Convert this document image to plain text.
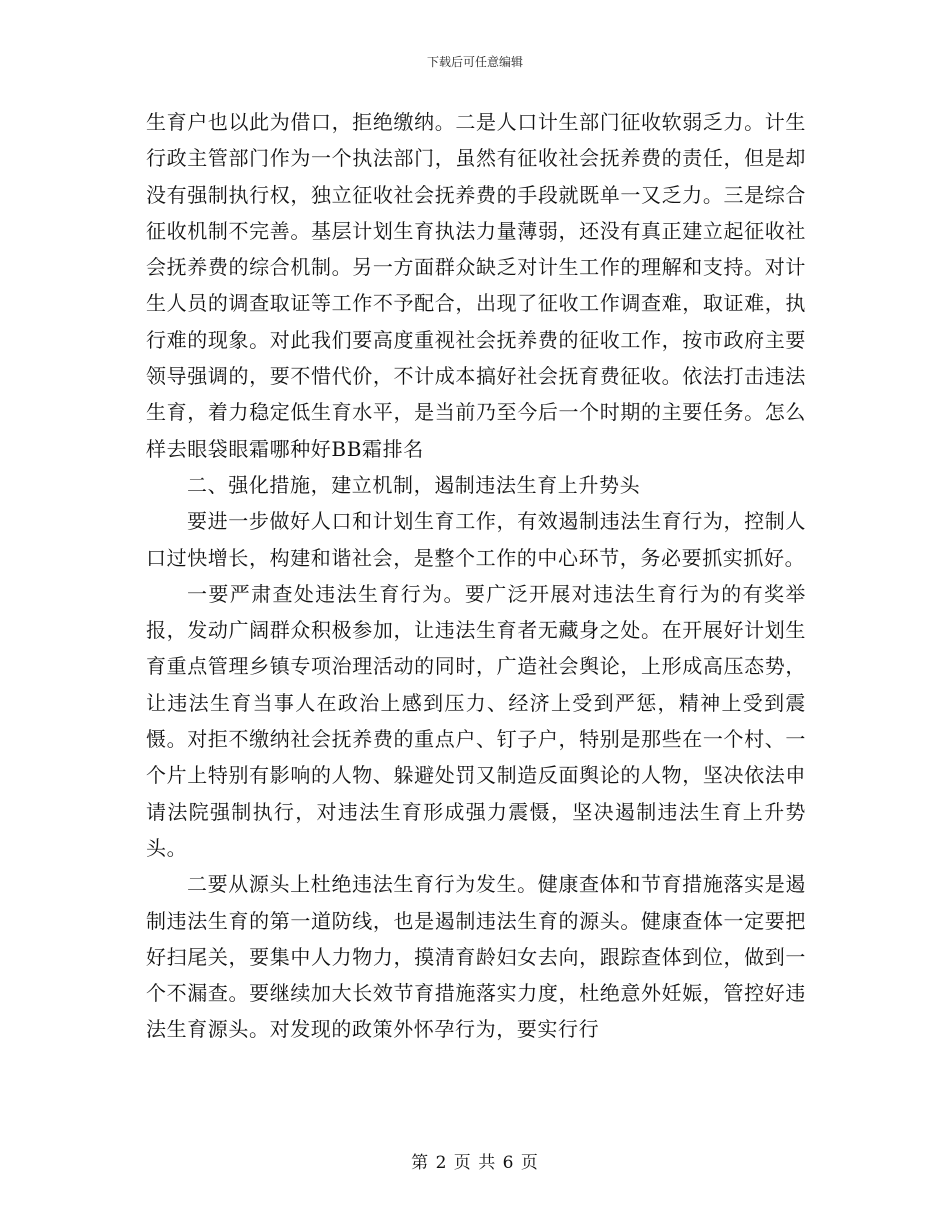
下载后可任意编辑

生育户也以此为借口，拒绝缴纳。二是人口计生部门征收软弱乏力。计生行政主管部门作为一个执法部门，虽然有征收社会抚养费的责任，但是却没有强制执行权，独立征收社会抚养费的手段就既单一又乏力。三是综合征收机制不完善。基层计划生育执法力量薄弱，还没有真正建立起征收社会抚养费的综合机制。另一方面群众缺乏对计生工作的理解和支持。对计生人员的调查取证等工作不予配合，出现了征收工作调查难，取证难，执行难的现象。对此我们要高度重视社会抚养费的征收工作，按市政府主要领导强调的，要不惜代价，不计成本搞好社会抚育费征收。依法打击违法生育，着力稳定低生育水平，是当前乃至今后一个时期的主要任务。怎么样去眼袋眼霜哪种好BB霜排名

二、强化措施，建立机制，遏制违法生育上升势头

要进一步做好人口和计划生育工作，有效遏制违法生育行为，控制人口过快增长，构建和谐社会，是整个工作的中心环节，务必要抓实抓好。

一要严肃查处违法生育行为。要广泛开展对违法生育行为的有奖举报，发动广阔群众积极参加，让违法生育者无藏身之处。在开展好计划生育重点管理乡镇专项治理活动的同时，广造社会舆论，上形成高压态势，让违法生育当事人在政治上感到压力、经济上受到严惩，精神上受到震慑。对拒不缴纳社会抚养费的重点户、钉子户，特别是那些在一个村、一个片上特别有影响的人物、躲避处罚又制造反面舆论的人物，坚决依法申请法院强制执行，对违法生育形成强力震慑，坚决遏制违法生育上升势头。

二要从源头上杜绝违法生育行为发生。健康查体和节育措施落实是遏制违法生育的第一道防线，也是遏制违法生育的源头。健康查体一定要把好扫尾关，要集中人力物力，摸清育龄妇女去向，跟踪查体到位，做到一个不漏查。要继续加大长效节育措施落实力度，杜绝意外妊娠，管控好违法生育源头。对发现的政策外怀孕行为，要实行行

第 2 页 共 6 页
